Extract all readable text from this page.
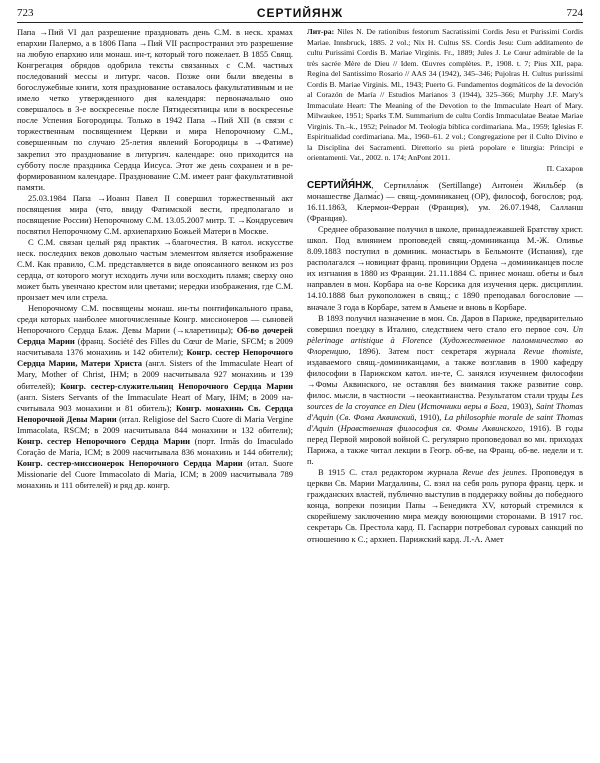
723	СЕРТИЙЯНЖ	724

Папа →Пий VI дал разрешение праздновать день С.М. в неск. храмах епархии Палермо, а в 1806 Папа →Пий VII распространил это разрешение на любую епархию или монаш. ин-т, который того пожелает. В 1855 Свящ. Конгрегация обрядов одобрила тексты связанных с С.М. частных последований мессы и литург. часов. Позже они были введены в богослужебные книги, хотя празднование оставалось факультативным и не имело четко утвержденного дня календаря: первоначально оно совершалось в 3-е воскресенье после Пятидесятницы или в воскресенье после Успения Богородицы. Только в 1942 Папа →Пий XII (в связи с торжественным посвящением Церкви и мира Непорочному С.М., совершенным по случаю 25-летия явлений Богородицы в →Фатиме) закрепил это празднование в литургич. календаре: оно приходится на субботу после праздника Сердца Иисуса. Этот же день сохранен и в реформированном календаре. Празднование С.М. имеет ранг факультативной памяти.

25.03.1984 Папа →Иоанн Павел II совершил торжественный акт посвящения мира (что, ввиду Фатимской вести, предполагало и посвящение России) Непорочному С.М. 13.05.2007 митр. Т. →Кондрусевич посвятил Непорочному С.М. архиепархию Божьей Матери в Москве.

С С.М. связан целый ряд практик →благочестия. В катол. искусстве неск. последних веков довольно частым элементом является изображение С.М. Как правило, С.М. представляется в виде опоясанного венком из роз сердца, от которого могут исходить лучи или восходить пламя; сверху оно может быть увенчано крестом или цветами; нередки изображения, где С.М. пронзает меч или стрела.

Непорочному С.М. посвящены монаш. ин-ты понтификального права, среди которых наиболее многочисленные Конгр. миссионеров — сыновей Непорочного Сердца Блаж. Девы Марии (→кларетинцы); Об-во дочерей Сердца Марии (франц. Société des Filles du Cœur de Marie, SFCM; в 2009 насчитывала 1376 монахинь и 142 обители); Конгр. сестер Непорочного Сердца Марии, Матери Христа (англ. Sisters of the Immaculate Heart of Mary, Mother of Christ, IHM; в 2009 насчитывала 927 монахинь и 139 обителей); Конгр. сестер-служительниц Непорочного Сердца Марии (англ. Sisters Servants of the Immaculate Heart of Mary, IHM; в 2009 насчитывала 903 монахини и 81 обитель); Конгр. монахинь Св. Сердца Непорочной Девы Марии (итал. Religiose del Sacro Cuore di Maria Vergine Immacolata, RSCM; в 2009 насчитывала 844 монахини и 132 обители); Конгр. сестер Непорочного Сердца Марии (порт. Irmãs do Imaculado Coração de Maria, ICM; в 2009 насчитывала 836 монахинь и 144 обители); Конгр. сестер-миссионерок Непорочного Сердца Марии (итал. Suore Missionarie del Cuore Immacolato di Maria, ICM; в 2009 насчитывала 789 монахинь и 111 обителей) и ряд др. конгр.

Лит-ра: Niles N. De rationibus festorum Sacratissimi Cordis Jesu et Purissimi Cordis Mariae. Innsbruck, 1885. 2 vol.; Nix H. Cultus SS. Cordis Jesu: Cum additamento de cultu Purissimi Cordis B. Mariae Virginis. Fr., 1889; Jules J. Le Cœur admirable de la très sacrée Mère de Dieu // Idem. Œuvres complètes. P., 1908. t. 7; Pius XII, papa. Regina del Santissimo Rosario // AAS 34 (1942), 345–346; Pujolras H. Cultus purissimi Cordis B. Mariae Virginis. Ml., 1943; Puerto G. Fundamentos dogmáticos de la devoción al Corazón de María // Estudios Marianos 3 (1944), 325–366; Murphy J.F. Mary's Immaculate Heart: The Meaning of the Devotion to the Immaculate Heart of Mary. Milwaukee, 1951; Sparks T.M. Summarium de cultu Cordis Immaculatae Beatae Mariae Virginis. Tn.–k., 1952; Peinador M. Teología bíblica cordimariana. Ma., 1959; Iglesias F. Espiritualidad cordimariana. Ma., 1960–61. 2 vol.; Congregazione per il Culto Divino e la Disciplina dei Sacramenti. Direttorio su pietà popolare e liturgia: Principi e orientamenti. Vat., 2002. n. 174; AnPont 2011.

П. Сахаров

СЕРТИЙЯ́НЖ, Сертилла́нж (Sertillange) Антоне́н Жильбе́р (в монашестве Далма́с) — свящ.-доминиканец (ОР), философ, богослов; род. 16.11.1863, Клермон-Ферран (Франция), ум. 26.07.1948, Салланш (Франция).

Среднее образование получил в школе, принадлежавшей Братству христ. школ. Под влиянием проповедей свящ.-доминиканца М.-Ж. Оливье 8.09.1883 поступил в доминик. монастырь в Бельмонте (Испания), где располагался →новициат франц. провинции Ордена →доминиканцев после их изгнания в 1880 из Франции. 21.11.1884 С. принес монаш. обеты и был направлен в мон. Корбара на о-ве Корсика для изучения церк. дисциплин. 14.10.1888 был рукоположен в свящ.; с 1890 преподавал богословие — вначале 3 года в Корбаре, затем в Амьене и вновь в Корбаре.

В 1893 получил назначение в мон. Св. Даров в Париже, предварительно совершил поездку в Италию, следствием чего стало его первое соч. Un pèlerinage artistique à Florence (Художественное паломничество во Флоренцию, 1896). Затем пост секретаря журнала Revue thomiste, издаваемого свящ.-доминиканцами, а также возглавив в 1900 кафедру философии в Парижском катол. ин-те, С. занялся изучением философии →Фомы Аквинского, не оставляя без внимания также развитие совр. филос. мысли, в частности →неокантианства. Результатом стали труды Les sources de la croyance en Dieu (Источники веры в Бога, 1903), Saint Thomas d'Aquin (Св. Фома Аквинский, 1910), La philosophie morale de saint Thomas d'Aquin (Нравственная философия св. Фомы Аквинского, 1916). В годы перед Первой мировой войной С. регулярно проповедовал во мн. приходах Парижа, а также читал лекции в Геогр. об-ве, на Франц. об-ве. недели и т. п.

В 1915 С. стал редактором журнала Revue des jeunes. Проповедуя в церкви Св. Марии Магдалины, С. взял на себя роль рупора франц. церк. и гражданских властей, публично выступив в поддержку войны до победного конца, вопреки позиции Папы →Бенедикта XV, который стремился к скорейшему заключению мира между воюющими сторонами. В 1917 гос. секретарь Св. Престола кард. П. Гаспарри потребовал суровых санкций по отношению к С.; архиеп. Парижский кард. Л.-А. Амет
